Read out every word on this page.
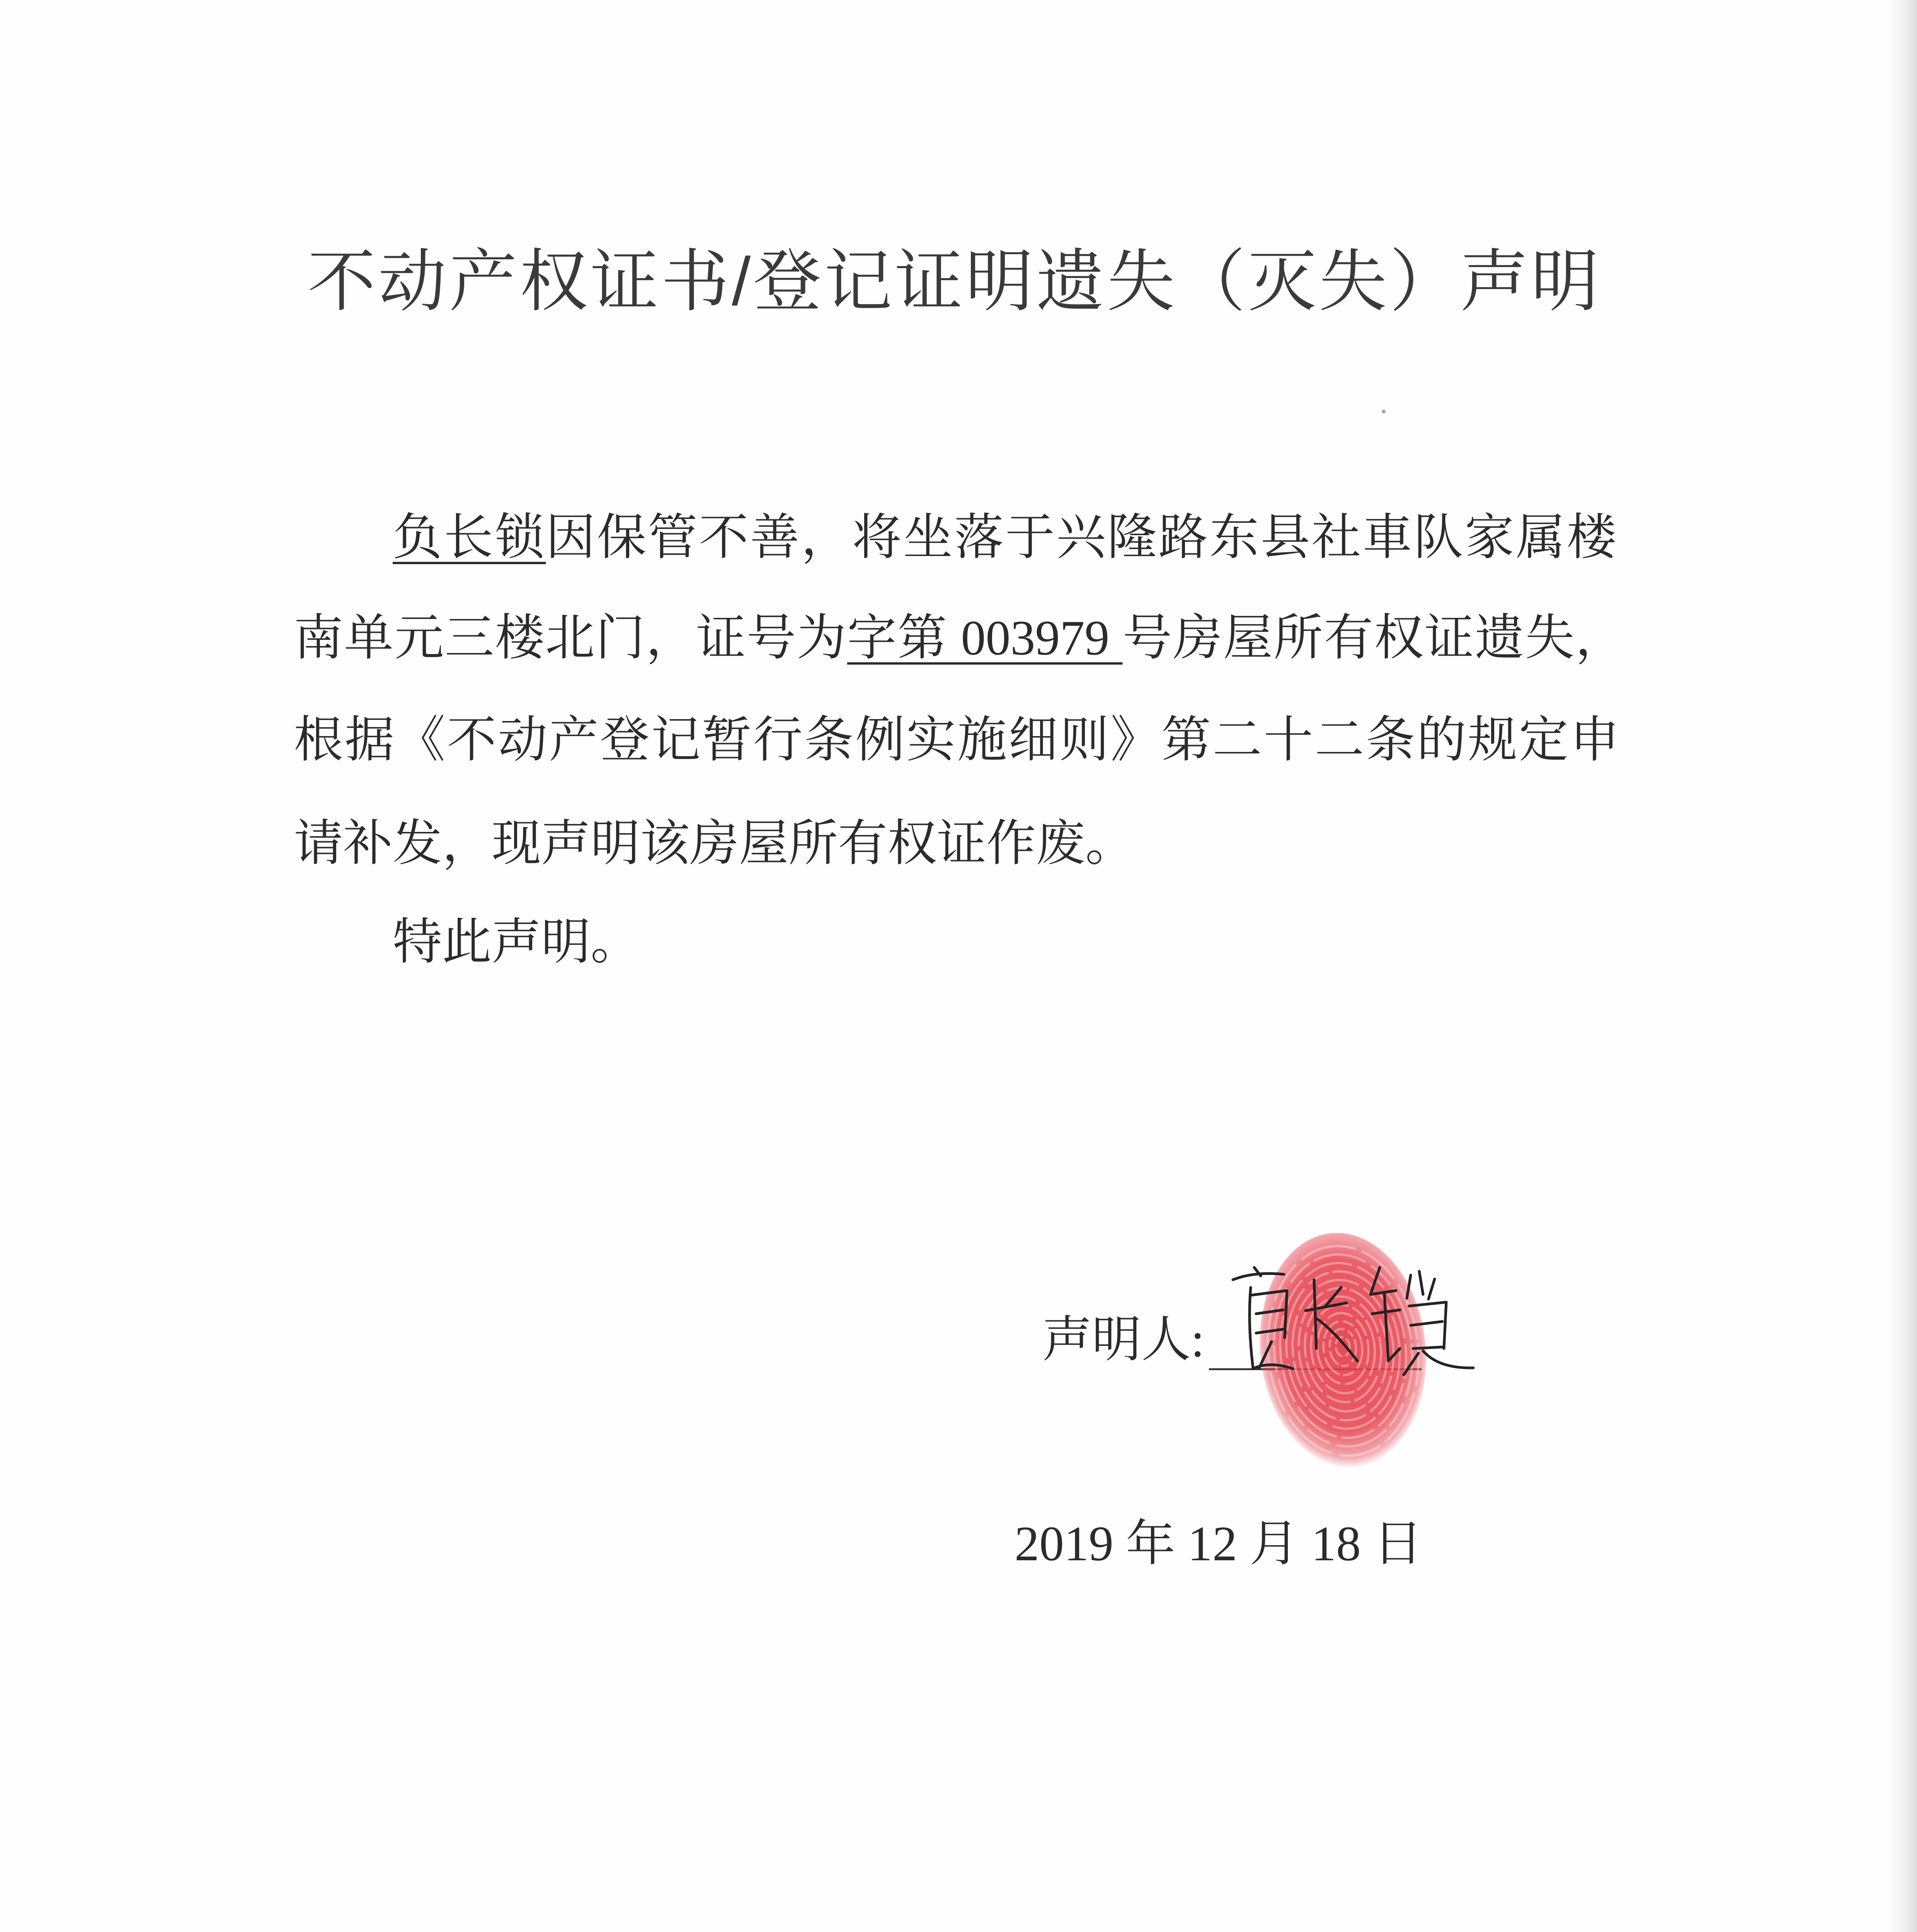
不动产权证书/登记证明遗失（灭失）声明
负长锁因保管不善，将坐落于兴隆路东县社車队家属楼
南单元三楼北门，证号为字第 003979 号房屋所有权证遗失，
根据《不动产登记暂行条例实施细则》第二十二条的规定申
请补发，现声明该房屋所有权证作废。
特此声明。
声明人:
2019 年 12 月 18 日
